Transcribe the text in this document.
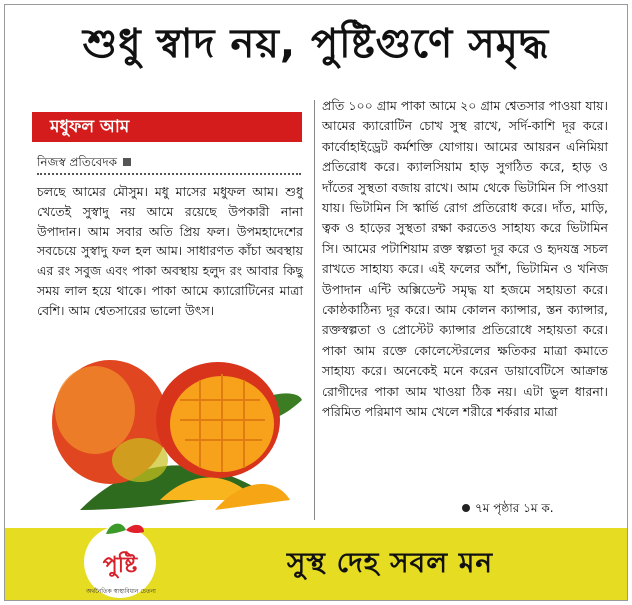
শুধু স্বাদ নয়, পুষ্টিগুণে সমৃদ্ধ
মধুফল আম
নিজস্ব প্রতিবেদক
চলছে আমের মৌসুম। মধু মাসের মধুফল আম। শুধু খেতেই সুস্বাদু নয় আমে রয়েছে উপকারী নানা উপাদান। আম সবার অতি প্রিয় ফল। উপমহাদেশের সবচেয়ে সুস্বাদু ফল হল আম। সাধারণত কাঁচা অবস্থায় এর রং সবুজ এবং পাকা অবস্থায় হলুদ রং আবার কিছু সময় লাল হয়ে থাকে। পাকা আমে ক্যারোটিনের মাত্রা বেশি। আম শ্বেতসারের ভালো উৎস।
প্রতি ১০০ গ্রাম পাকা আমে ২০ গ্রাম শ্বেতসার পাওয়া যায়। আমের ক্যারোটিন চোখ সুস্থ রাখে, সর্দি-কাশি দূর করে। কার্বোহাইড্রেট কর্মশক্তি যোগায়। আমের আয়রন এনিমিয়া প্রতিরোধ করে। ক্যালসিয়াম হাড় সুগঠিত করে, হাড় ও দাঁতের সুস্থতা বজায় রাখে। আম থেকে ভিটামিন সি পাওয়া যায়। ভিটামিন সি স্কার্ভি রোগ প্রতিরোধ করে। দাঁত, মাড়ি, ত্বক ও হাড়ের সুস্থতা রক্ষা করতেও সাহায্য করে ভিটামিন সি। আমের পটাশিয়াম রক্ত স্বল্পতা দূর করে ও হৃদযন্ত্র সচল রাখতে সাহায্য করে। এই ফলের আঁশ, ভিটামিন ও খনিজ উপাদান এন্টি অক্সিডেন্ট সমৃদ্ধ যা হজমে সহায়তা করে। কোষ্ঠকাঠিন্য দূর করে। আম কোলন ক্যান্সার, স্তন ক্যান্সার, রক্তস্বল্পতা ও প্রোস্টেট ক্যান্সার প্রতিরোধে সহায়তা করে। পাকা আম রক্তে কোলেস্টেরলের ক্ষতিকর মাত্রা কমাতে সাহায্য করে। অনেকেই মনে করেন ডায়াবেটিসে আক্রান্ত রোগীদের পাকা আম খাওয়া ঠিক নয়। এটা ভুল ধারনা। পরিমিত পরিমাণ আম খেলে শরীরে শর্করার মাত্রা
৭ম পৃষ্ঠার ১ম ক.
পুষ্টি
অর্থনৈতিক স্বাস্থ্যবিধান চেতনা
সুস্থ দেহ সবল মন
